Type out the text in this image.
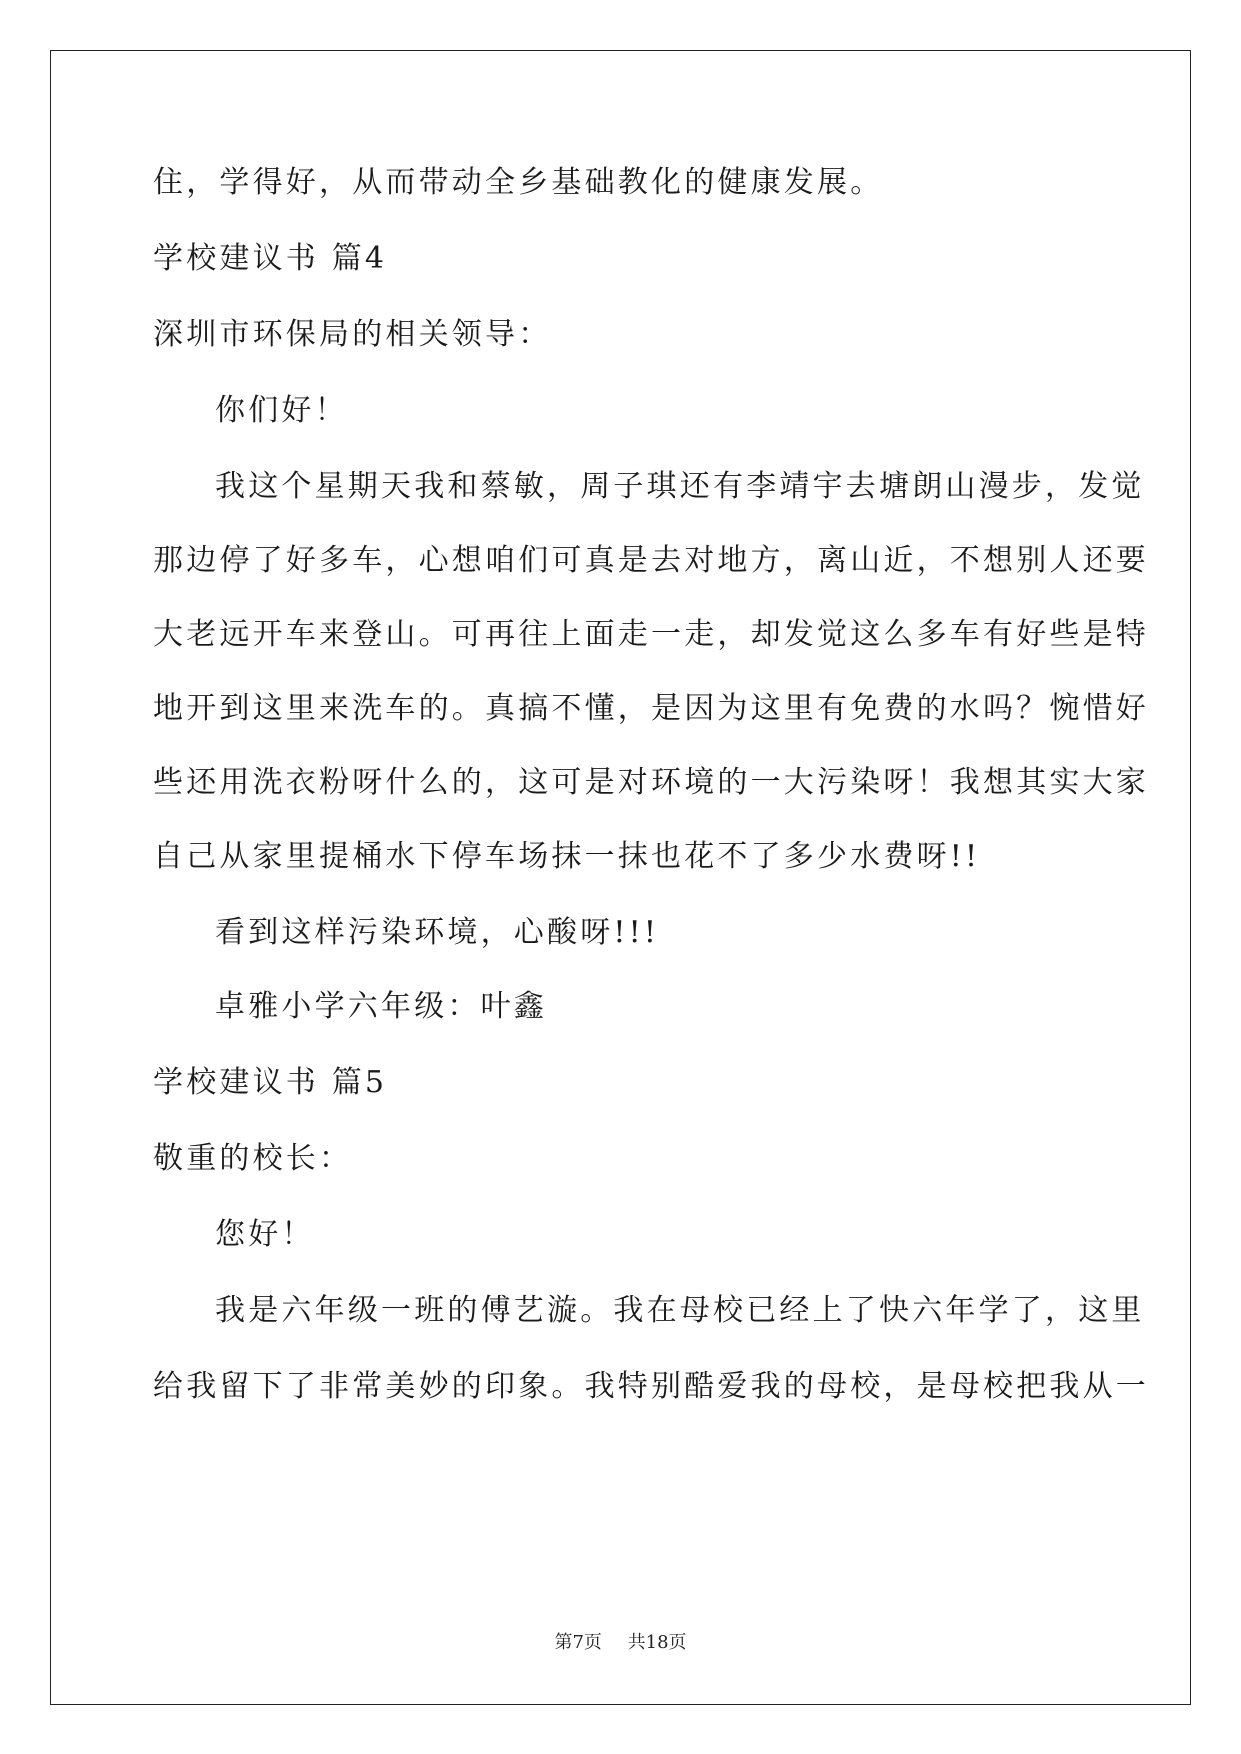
住，学得好，从而带动全乡基础教化的健康发展。
学校建议书 篇4
深圳市环保局的相关领导：
你们好！
我这个星期天我和蔡敏，周子琪还有李靖宇去塘朗山漫步，发觉
那边停了好多车，心想咱们可真是去对地方，离山近，不想别人还要
大老远开车来登山。可再往上面走一走，却发觉这么多车有好些是特
地开到这里来洗车的。真搞不懂，是因为这里有免费的水吗？惋惜好
些还用洗衣粉呀什么的，这可是对环境的一大污染呀！我想其实大家
自己从家里提桶水下停车场抹一抹也花不了多少水费呀!!
看到这样污染环境，心酸呀!!!
卓雅小学六年级：叶鑫
学校建议书 篇5
敬重的校长：
您好！
我是六年级一班的傅艺漩。我在母校已经上了快六年学了，这里
给我留下了非常美妙的印象。我特别酷爱我的母校，是母校把我从一
第7页 共18页
